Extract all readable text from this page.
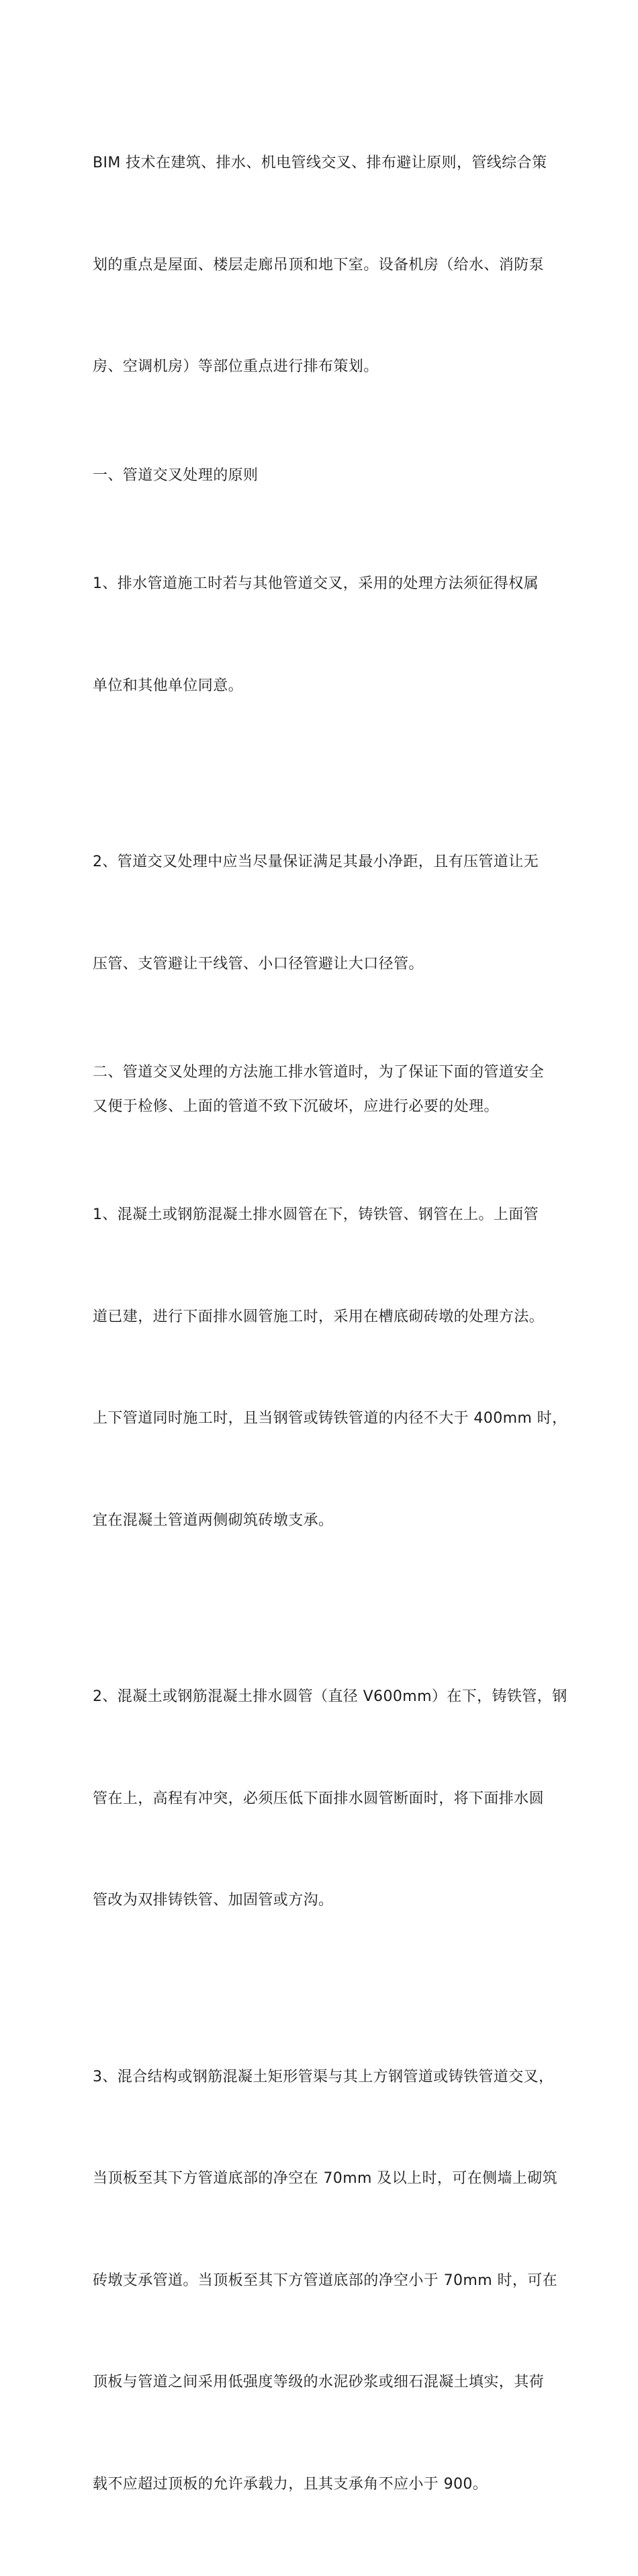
BIM 技术在建筑、排水、机电管线交叉、排布避让原则，管线综合策

划的重点是屋面、楼层走廊吊顶和地下室。设备机房（给水、消防泵

房、空调机房）等部位重点进行排布策划。

一、管道交叉处理的原则

1、排水管道施工时若与其他管道交叉，采用的处理方法须征得权属

单位和其他单位同意。

2、管道交叉处理中应当尽量保证满足其最小净距，且有压管道让无

压管、支管避让干线管、小口径管避让大口径管。

二、管道交叉处理的方法施工排水管道时，为了保证下面的管道安全
又便于检修、上面的管道不致下沉破坏，应进行必要的处理。

1、混凝土或钢筋混凝土排水圆管在下，铸铁管、钢管在上。上面管

道已建，进行下面排水圆管施工时，采用在槽底砌砖墩的处理方法。

上下管道同时施工时，且当钢管或铸铁管道的内径不大于 400mm 时，

宜在混凝土管道两侧砌筑砖墩支承。

2、混凝土或钢筋混凝土排水圆管（直径 V600mm）在下，铸铁管，钢

管在上，高程有冲突，必须压低下面排水圆管断面时，将下面排水圆

管改为双排铸铁管、加固管或方沟。

3、混合结构或钢筋混凝土矩形管渠与其上方钢管道或铸铁管道交叉，

当顶板至其下方管道底部的净空在 70mm 及以上时，可在侧墙上砌筑

砖墩支承管道。当顶板至其下方管道底部的净空小于 70mm 时，可在

顶板与管道之间采用低强度等级的水泥砂浆或细石混凝土填实，其荷

载不应超过顶板的允许承载力，且其支承角不应小于 900。
